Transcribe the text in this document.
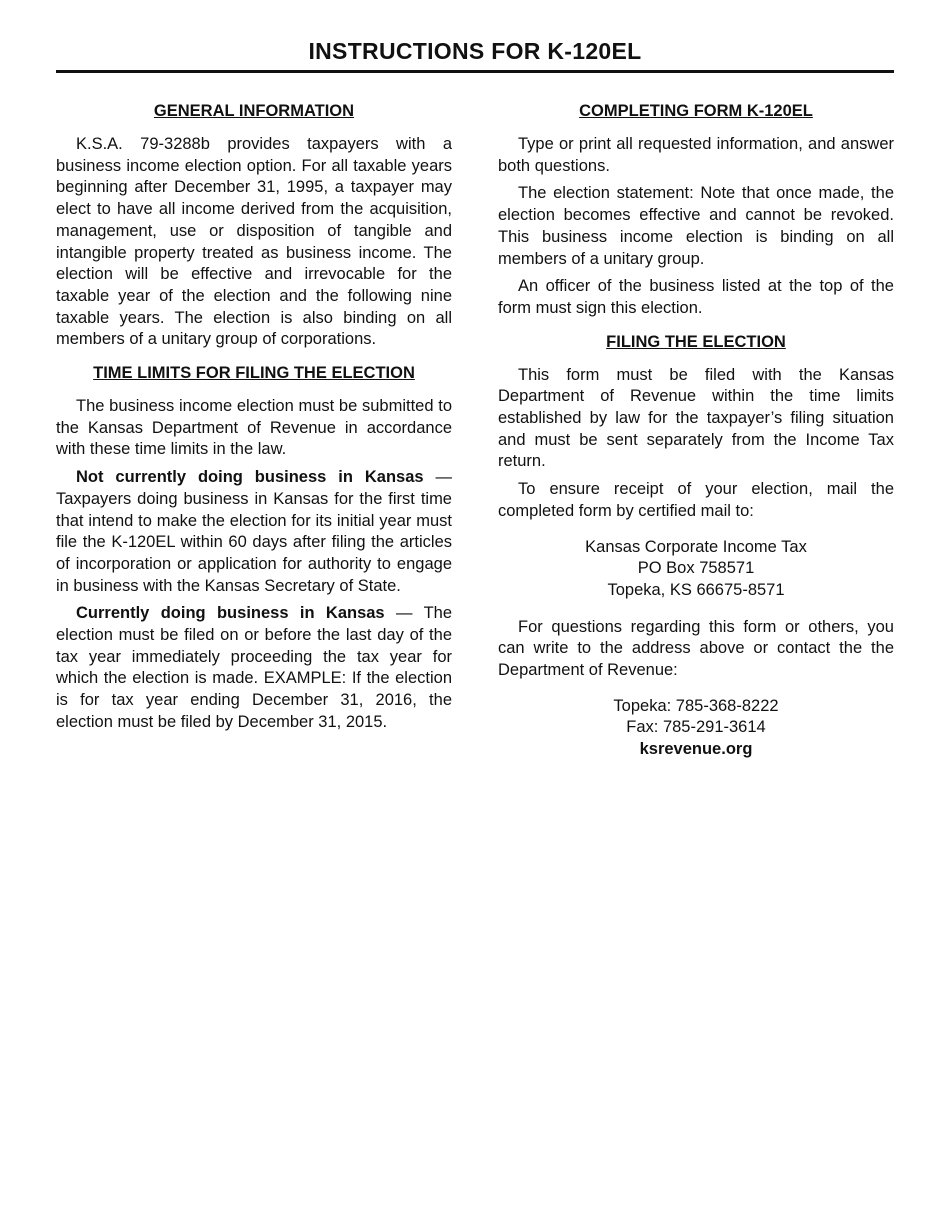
INSTRUCTIONS FOR K-120EL
GENERAL INFORMATION

K.S.A. 79-3288b provides taxpayers with a business income election option. For all taxable years beginning after December 31, 1995, a taxpayer may elect to have all income derived from the acquisition, management, use or disposition of tangible and intangible property treated as business income. The election will be effective and irrevocable for the taxable year of the election and the following nine taxable years. The election is also binding on all members of a unitary group of corporations.

TIME LIMITS FOR FILING THE ELECTION

The business income election must be submitted to the Kansas Department of Revenue in accordance with these time limits in the law.

Not currently doing business in Kansas — Taxpayers doing business in Kansas for the first time that intend to make the election for its initial year must file the K-120EL within 60 days after filing the articles of incorporation or application for authority to engage in business with the Kansas Secretary of State.

Currently doing business in Kansas — The election must be filed on or before the last day of the tax year immediately proceeding the tax year for which the election is made. EXAMPLE: If the election is for tax year ending December 31, 2016, the election must be filed by December 31, 2015.

COMPLETING FORM K-120EL

Type or print all requested information, and answer both questions.

The election statement: Note that once made, the election becomes effective and cannot be revoked. This business income election is binding on all members of a unitary group.

An officer of the business listed at the top of the form must sign this election.

FILING THE ELECTION

This form must be filed with the Kansas Department of Revenue within the time limits established by law for the taxpayer’s filing situation and must be sent separately from the Income Tax return.

To ensure receipt of your election, mail the completed form by certified mail to:

Kansas Corporate Income Tax
PO Box 758571
Topeka, KS 66675-8571

For questions regarding this form or others, you can write to the address above or contact the the Department of Revenue:

Topeka: 785-368-8222
Fax: 785-291-3614
ksrevenue.org
